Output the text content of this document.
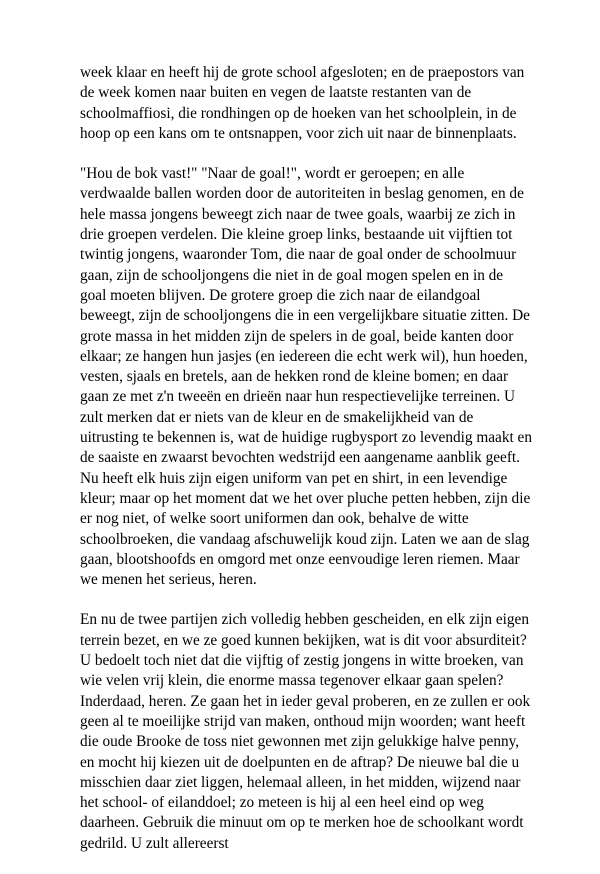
week klaar en heeft hij de grote school afgesloten; en de praepostors van de week komen naar buiten en vegen de laatste restanten van de schoolmaffiosi, die rondhingen op de hoeken van het schoolplein, in de hoop op een kans om te ontsnappen, voor zich uit naar de binnenplaats.

"Hou de bok vast!" "Naar de goal!", wordt er geroepen; en alle verdwaalde ballen worden door de autoriteiten in beslag genomen, en de hele massa jongens beweegt zich naar de twee goals, waarbij ze zich in drie groepen verdelen. Die kleine groep links, bestaande uit vijftien tot twintig jongens, waaronder Tom, die naar de goal onder de schoolmuur gaan, zijn de schooljongens die niet in de goal mogen spelen en in de goal moeten blijven. De grotere groep die zich naar de eilandgoal beweegt, zijn de schooljongens die in een vergelijkbare situatie zitten. De grote massa in het midden zijn de spelers in de goal, beide kanten door elkaar; ze hangen hun jasjes (en iedereen die echt werk wil), hun hoeden, vesten, sjaals en bretels, aan de hekken rond de kleine bomen; en daar gaan ze met z'n tweeën en drieën naar hun respectievelijke terreinen. U zult merken dat er niets van de kleur en de smakelijkheid van de uitrusting te bekennen is, wat de huidige rugbysport zo levendig maakt en de saaiste en zwaarst bevochten wedstrijd een aangename aanblik geeft. Nu heeft elk huis zijn eigen uniform van pet en shirt, in een levendige kleur; maar op het moment dat we het over pluche petten hebben, zijn die er nog niet, of welke soort uniformen dan ook, behalve de witte schoolbroeken, die vandaag afschuwelijk koud zijn. Laten we aan de slag gaan, blootshoofds en omgord met onze eenvoudige leren riemen. Maar we menen het serieus, heren.

En nu de twee partijen zich volledig hebben gescheiden, en elk zijn eigen terrein bezet, en we ze goed kunnen bekijken, wat is dit voor absurditeit? U bedoelt toch niet dat die vijftig of zestig jongens in witte broeken, van wie velen vrij klein, die enorme massa tegenover elkaar gaan spelen? Inderdaad, heren. Ze gaan het in ieder geval proberen, en ze zullen er ook geen al te moeilijke strijd van maken, onthoud mijn woorden; want heeft die oude Brooke de toss niet gewonnen met zijn gelukkige halve penny, en mocht hij kiezen uit de doelpunten en de aftrap? De nieuwe bal die u misschien daar ziet liggen, helemaal alleen, in het midden, wijzend naar het school- of eilanddoel; zo meteen is hij al een heel eind op weg daarheen. Gebruik die minuut om op te merken hoe de schoolkant wordt gedrild. U zult allereerst
